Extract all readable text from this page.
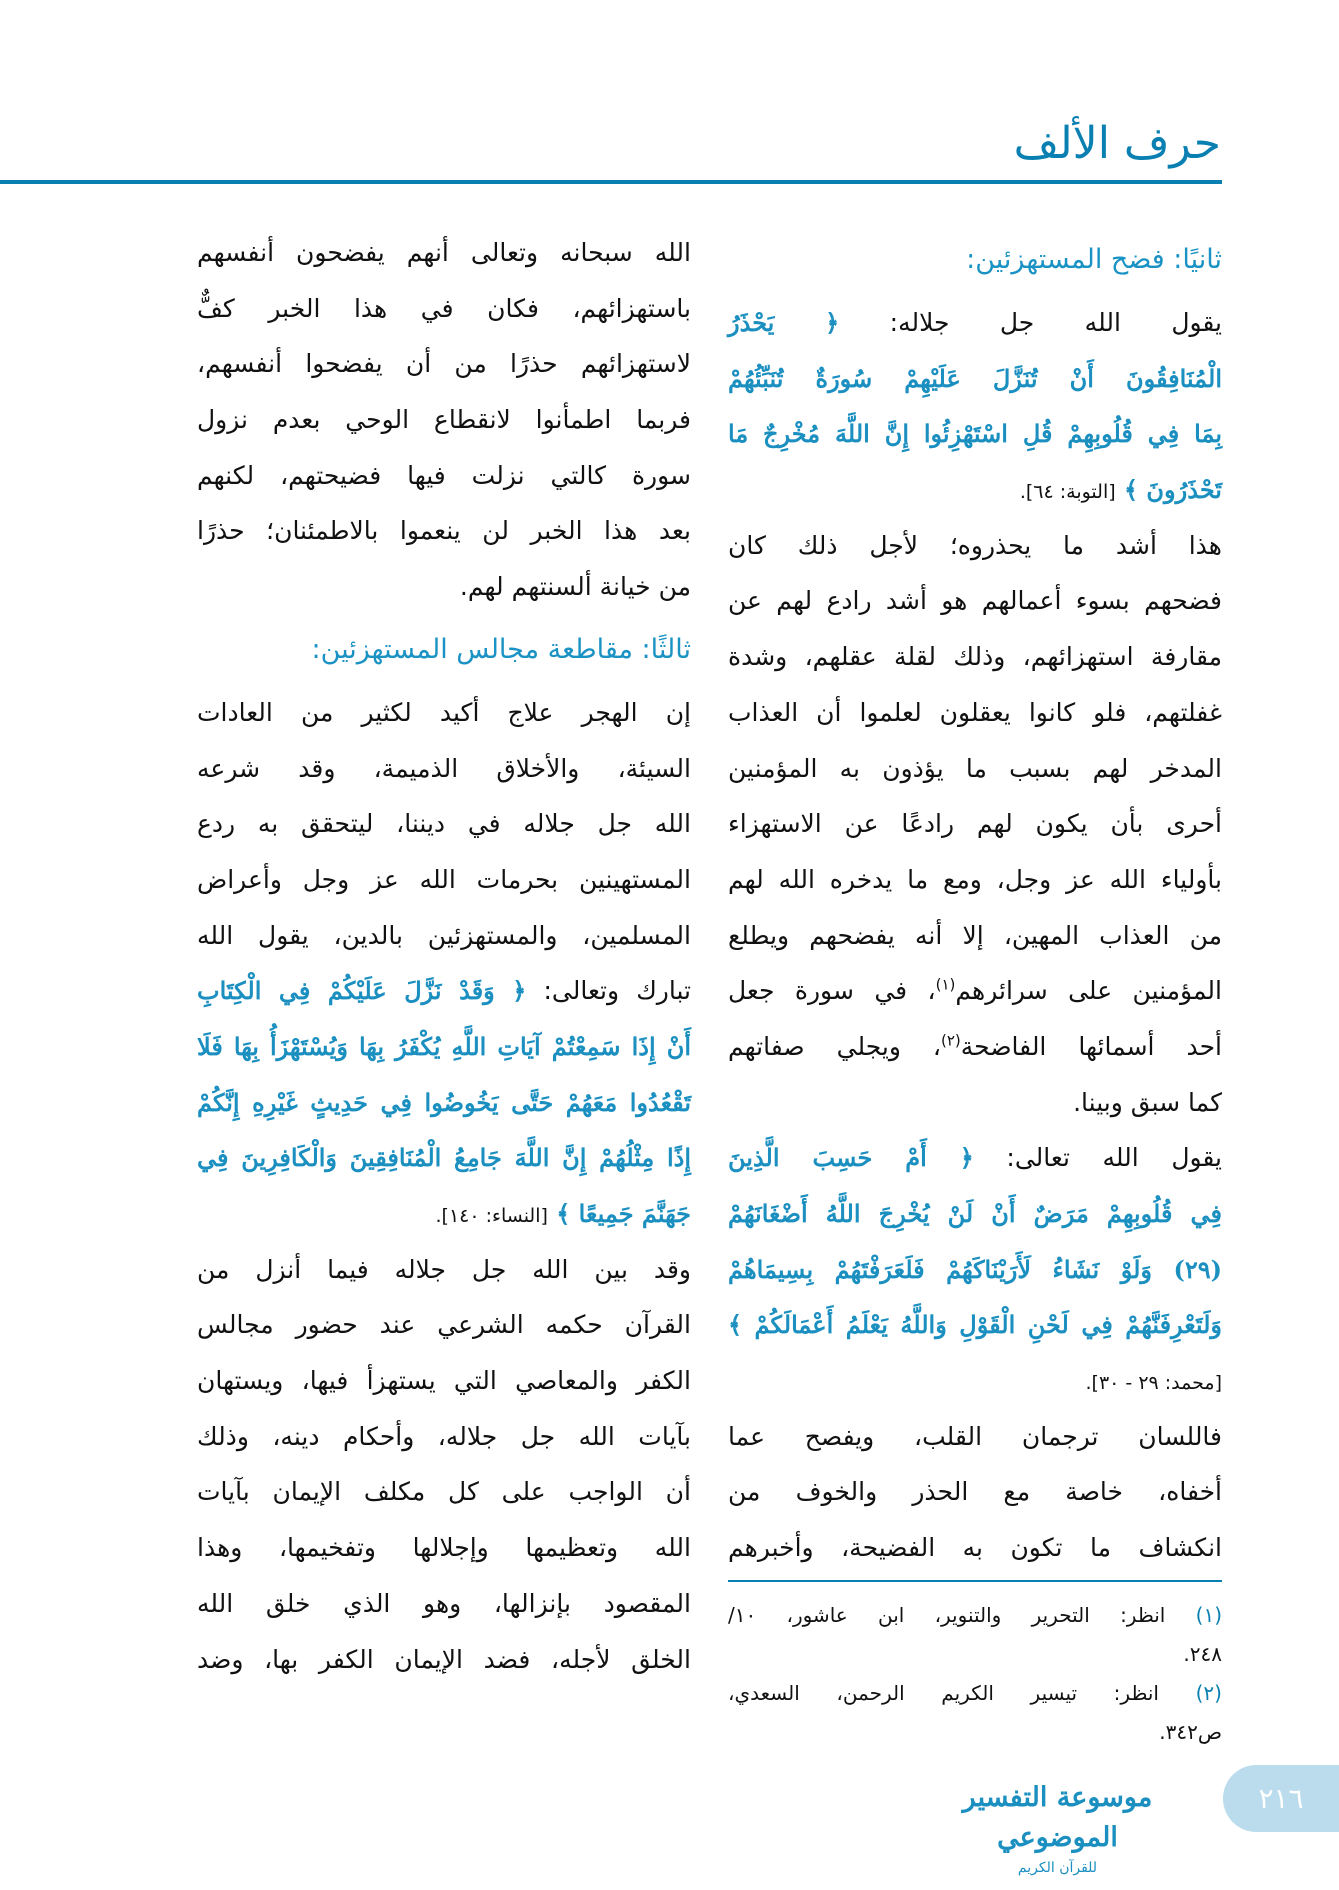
حرف الألف
ثانيًا: فضح المستهزئين:
يقول الله جل جلاله: ﴿ يَحْذَرُ
الْمُنَافِقُونَ أَنْ تُنَزَّلَ عَلَيْهِمْ سُورَةٌ تُنَبِّئُهُمْ
بِمَا فِي قُلُوبِهِمْ قُلِ اسْتَهْزِئُوا إِنَّ اللَّهَ مُخْرِجٌ مَا
تَحْذَرُونَ ﴾ [التوبة: ٦٤].
هذا أشد ما يحذروه؛ لأجل ذلك كان
فضحهم بسوء أعمالهم هو أشد رادع لهم عن
مقارفة استهزائهم، وذلك لقلة عقلهم، وشدة
غفلتهم، فلو كانوا يعقلون لعلموا أن العذاب
المدخر لهم بسبب ما يؤذون به المؤمنين
أحرى بأن يكون لهم رادعًا عن الاستهزاء
بأولياء الله عز وجل، ومع ما يدخره الله لهم
من العذاب المهين، إلا أنه يفضحهم ويطلع
المؤمنين على سرائرهم$^{(١)}$، في سورة جعل
أحد أسمائها الفاضحة$^{(٢)}$، ويجلي صفاتهم
كما سبق وبينا.
يقول الله تعالى: ﴿ أَمْ حَسِبَ الَّذِينَ
فِي قُلُوبِهِمْ مَرَضٌ أَنْ لَنْ يُخْرِجَ اللَّهُ أَضْغَانَهُمْ
(٢٩) وَلَوْ نَشَاءُ لَأَرَيْنَاكَهُمْ فَلَعَرَفْتَهُمْ بِسِيمَاهُمْ
وَلَتَعْرِفَنَّهُمْ فِي لَحْنِ الْقَوْلِ وَاللَّهُ يَعْلَمُ أَعْمَالَكُمْ ﴾
[محمد: ٢٩ - ٣٠].
فاللسان ترجمان القلب، ويفصح عما
أخفاه، خاصة مع الحذر والخوف من
انكشاف ما تكون به الفضيحة، وأخبرهم
(١) انظر: التحرير والتنوير، ابن عاشور، ١٠/
٢٤٨.
(٢) انظر: تيسير الكريم الرحمن، السعدي،
ص٣٤٢.
الله سبحانه وتعالى أنهم يفضحون أنفسهم
باستهزائهم، فكان في هذا الخبر كفٌّ
لاستهزائهم حذرًا من أن يفضحوا أنفسهم،
فربما اطمأنوا لانقطاع الوحي بعدم نزول
سورة كالتي نزلت فيها فضيحتهم، لكنهم
بعد هذا الخبر لن ينعموا بالاطمئنان؛ حذرًا
من خيانة ألسنتهم لهم.
ثالثًا: مقاطعة مجالس المستهزئين:
إن الهجر علاج أكيد لكثير من العادات
السيئة، والأخلاق الذميمة، وقد شرعه
الله جل جلاله في ديننا، ليتحقق به ردع
المستهينين بحرمات الله عز وجل وأعراض
المسلمين، والمستهزئين بالدين، يقول الله
تبارك وتعالى: ﴿ وَقَدْ نَزَّلَ عَلَيْكُمْ فِي الْكِتَابِ
أَنْ إِذَا سَمِعْتُمْ آيَاتِ اللَّهِ يُكْفَرُ بِهَا وَيُسْتَهْزَأُ بِهَا فَلَا
تَقْعُدُوا مَعَهُمْ حَتَّى يَخُوضُوا فِي حَدِيثٍ غَيْرِهِ إِنَّكُمْ
إِذًا مِثْلُهُمْ إِنَّ اللَّهَ جَامِعُ الْمُنَافِقِينَ وَالْكَافِرِينَ فِي
جَهَنَّمَ جَمِيعًا ﴾ [النساء: ١٤٠].
وقد بين الله جل جلاله فيما أنزل من
القرآن حكمه الشرعي عند حضور مجالس
الكفر والمعاصي التي يستهزأ فيها، ويستهان
بآيات الله جل جلاله، وأحكام دينه، وذلك
أن الواجب على كل مكلف الإيمان بآيات
الله وتعظيمها وإجلالها وتفخيمها، وهذا
المقصود بإنزالها، وهو الذي خلق الله
الخلق لأجله، فضد الإيمان الكفر بها، وضد
موسوعة التفسير الموضوعي
للقرآن الكريم
٢١٦
